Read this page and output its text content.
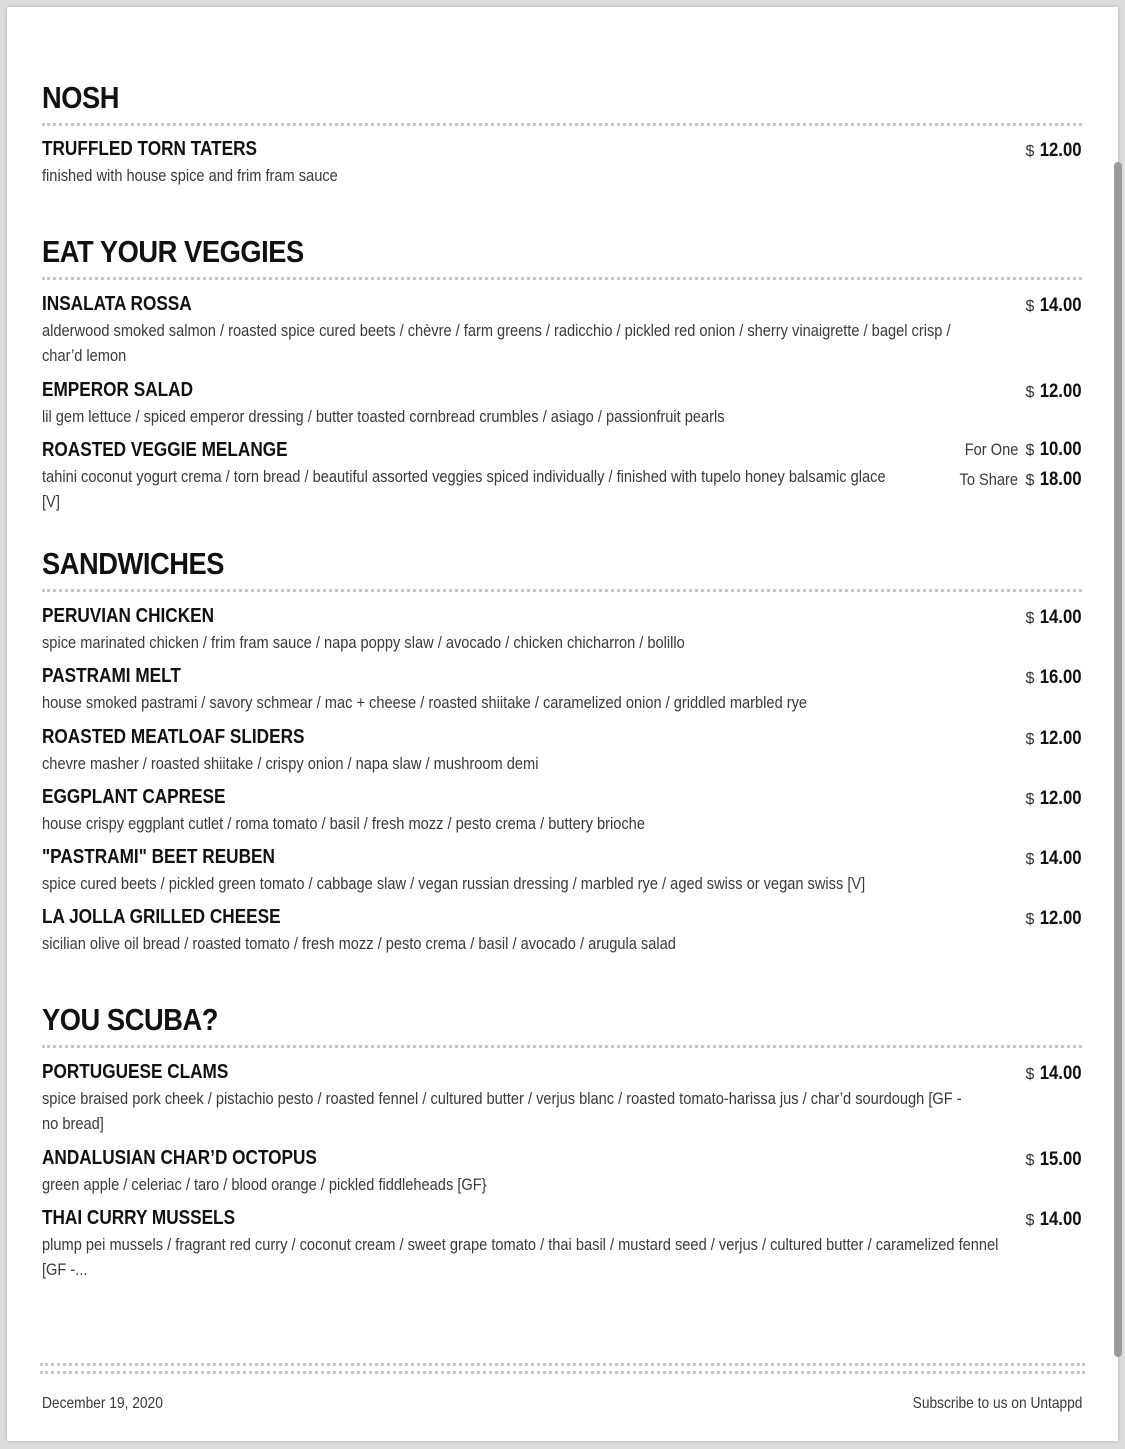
NOSH
TRUFFLED TORN TATERS
finished with house spice and frim fram sauce
$ 12.00
EAT YOUR VEGGIES
INSALATA ROSSA
alderwood smoked salmon / roasted spice cured beets / chèvre / farm greens / radicchio / pickled red onion / sherry vinaigrette / bagel crisp / char’d lemon
$ 14.00
EMPEROR SALAD
lil gem lettuce / spiced emperor dressing / butter toasted cornbread crumbles / asiago / passionfruit pearls
$ 12.00
ROASTED VEGGIE MELANGE
tahini coconut yogurt crema / torn bread / beautiful assorted veggies spiced individually / finished with tupelo honey balsamic glace [V]
For One $ 10.00
To Share $ 18.00
SANDWICHES
PERUVIAN CHICKEN
spice marinated chicken / frim fram sauce / napa poppy slaw / avocado / chicken chicharron / bolillo
$ 14.00
PASTRAMI MELT
house smoked pastrami / savory schmear / mac + cheese / roasted shiitake / caramelized onion / griddled marbled rye
$ 16.00
ROASTED MEATLOAF SLIDERS
chevre masher / roasted shiitake / crispy onion / napa slaw / mushroom demi
$ 12.00
EGGPLANT CAPRESE
house crispy eggplant cutlet / roma tomato / basil / fresh mozz / pesto crema / buttery brioche
$ 12.00
"PASTRAMI" BEET REUBEN
spice cured beets / pickled green tomato / cabbage slaw / vegan russian dressing / marbled rye / aged swiss or vegan swiss [V]
$ 14.00
LA JOLLA GRILLED CHEESE
sicilian olive oil bread / roasted tomato / fresh mozz / pesto crema / basil / avocado / arugula salad
$ 12.00
YOU SCUBA?
PORTUGUESE CLAMS
spice braised pork cheek / pistachio pesto / roasted fennel / cultured butter / verjus blanc / roasted tomato-harissa jus / char’d sourdough [GF - no bread]
$ 14.00
ANDALUSIAN CHAR’D OCTOPUS
green apple / celeriac / taro / blood orange / pickled fiddleheads [GF}
$ 15.00
THAI CURRY MUSSELS
plump pei mussels / fragrant red curry / coconut cream / sweet grape tomato / thai basil / mustard seed / verjus / cultured butter / caramelized fennel [GF -...
$ 14.00
December 19, 2020	Subscribe to us on Untappd
